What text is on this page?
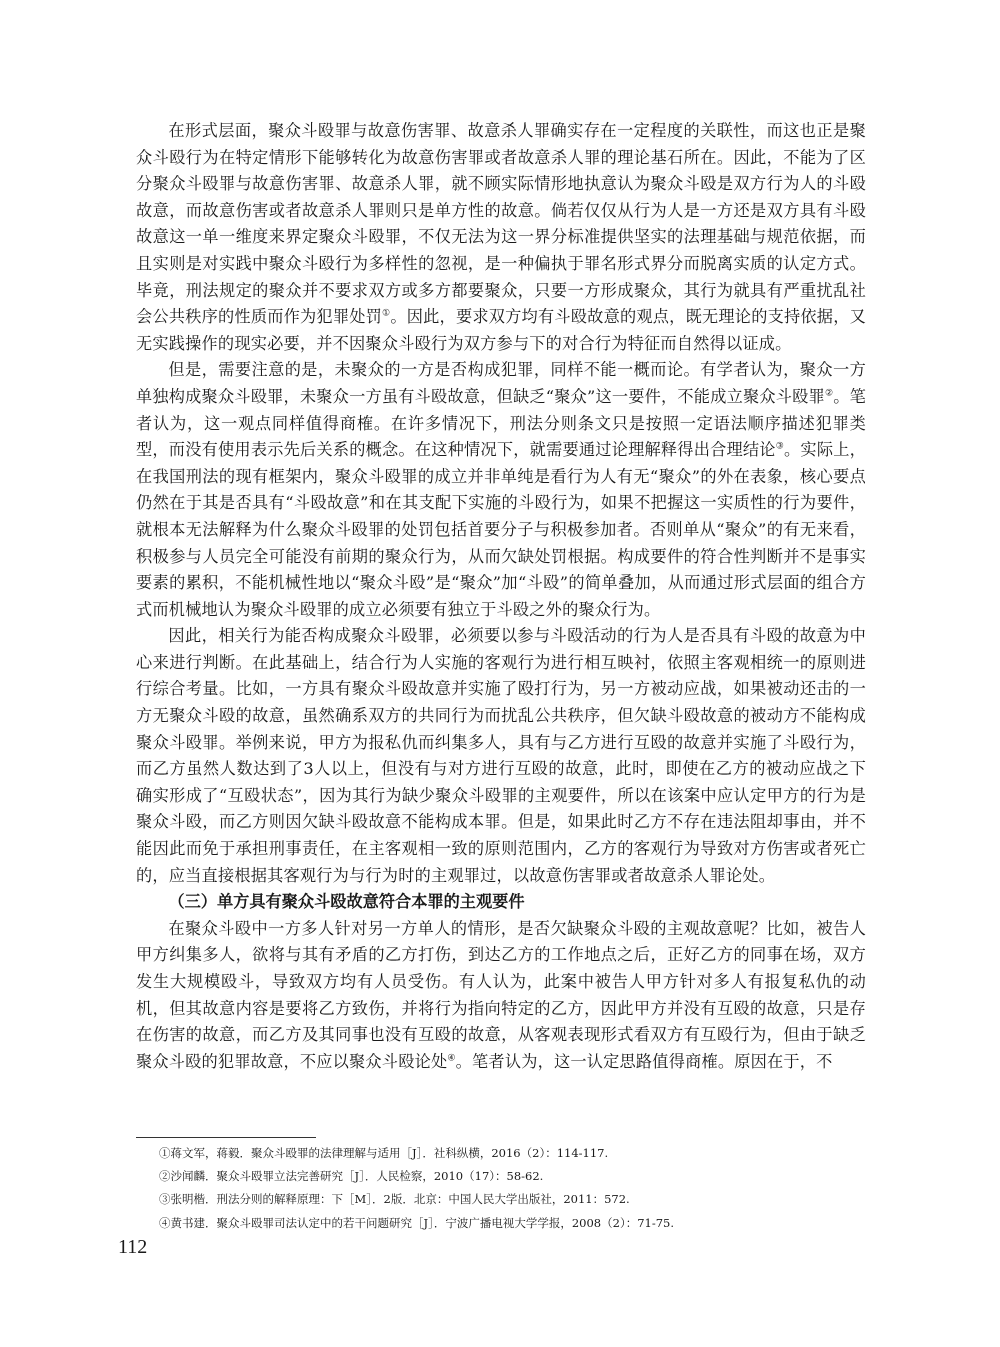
在形式层面，聚众斗殴罪与故意伤害罪、故意杀人罪确实存在一定程度的关联性，而这也正是聚众斗殴行为在特定情形下能够转化为故意伤害罪或者故意杀人罪的理论基石所在。因此，不能为了区分聚众斗殴罪与故意伤害罪、故意杀人罪，就不顾实际情形地执意认为聚众斗殴是双方行为人的斗殴故意，而故意伤害或者故意杀人罪则只是单方性的故意。倘若仅仅从行为人是一方还是双方具有斗殴故意这一单一维度来界定聚众斗殴罪，不仅无法为这一界分标准提供坚实的法理基础与规范依据，而且实则是对实践中聚众斗殴行为多样性的忽视，是一种偏执于罪名形式界分而脱离实质的认定方式。毕竟，刑法规定的聚众并不要求双方或多方都要聚众，只要一方形成聚众，其行为就具有严重扰乱社会公共秩序的性质而作为犯罪处罚①。因此，要求双方均有斗殴故意的观点，既无理论的支持依据，又无实践操作的现实必要，并不因聚众斗殴行为双方参与下的对合行为特征而自然得以证成。

但是，需要注意的是，未聚众的一方是否构成犯罪，同样不能一概而论。有学者认为，聚众一方单独构成聚众斗殴罪，未聚众一方虽有斗殴故意，但缺乏“聚众”这一要件，不能成立聚众斗殴罪②。笔者认为，这一观点同样值得商榷。在许多情况下，刑法分则条文只是按照一定语法顺序描述犯罪类型，而没有使用表示先后关系的概念。在这种情况下，就需要通过论理解释得出合理结论③。实际上，在我国刑法的现有框架内，聚众斗殴罪的成立并非单纯是看行为人有无“聚众”的外在表象，核心要点仍然在于其是否具有“斗殴故意”和在其支配下实施的斗殴行为，如果不把握这一实质性的行为要件，就根本无法解释为什么聚众斗殴罪的处罚包括首要分子与积极参加者。否则单从“聚众”的有无来看，积极参与人员完全可能没有前期的聚众行为，从而欠缺处罚根据。构成要件的符合性判断并不是事实要素的累积，不能机械性地以“聚众斗殴”是“聚众”加“斗殴”的简单叠加，从而通过形式层面的组合方式而机械地认为聚众斗殴罪的成立必须要有独立于斗殴之外的聚众行为。

因此，相关行为能否构成聚众斗殴罪，必须要以参与斗殴活动的行为人是否具有斗殴的故意为中心来进行判断。在此基础上，结合行为人实施的客观行为进行相互映衬，依照主客观相统一的原则进行综合考量。比如，一方具有聚众斗殴故意并实施了殴打行为，另一方被动应战，如果被动还击的一方无聚众斗殴的故意，虽然确系双方的共同行为而扰乱公共秩序，但欠缺斗殴故意的被动方不能构成聚众斗殴罪。举例来说，甲方为报私仇而纠集多人，具有与乙方进行互殴的故意并实施了斗殴行为，而乙方虽然人数达到了3人以上，但没有与对方进行互殴的故意，此时，即使在乙方的被动应战之下确实形成了“互殴状态”，因为其行为缺少聚众斗殴罪的主观要件，所以在该案中应认定甲方的行为是聚众斗殴，而乙方则因欠缺斗殴故意不能构成本罪。但是，如果此时乙方不存在违法阻却事由，并不能因此而免于承担刑事责任，在主客观相一致的原则范围内，乙方的客观行为导致对方伤害或者死亡的，应当直接根据其客观行为与行为时的主观罪过，以故意伤害罪或者故意杀人罪论处。

（三）单方具有聚众斗殴故意符合本罪的主观要件

在聚众斗殴中一方多人针对另一方单人的情形，是否欠缺聚众斗殴的主观故意呢？比如，被告人甲方纠集多人，欲将与其有矛盾的乙方打伤，到达乙方的工作地点之后，正好乙方的同事在场，双方发生大规模殴斗，导致双方均有人员受伤。有人认为，此案中被告人甲方针对多人有报复私仇的动机，但其故意内容是要将乙方致伤，并将行为指向特定的乙方，因此甲方并没有互殴的故意，只是存在伤害的故意，而乙方及其同事也没有互殴的故意，从客观表现形式看双方有互殴行为，但由于缺乏聚众斗殴的犯罪故意，不应以聚众斗殴论处④。笔者认为，这一认定思路值得商榷。原因在于，不

①蒋文军，蒋毅．聚众斗殴罪的法律理解与适用［J］．社科纵横，2016（2）：114-117.

②沙闻麟．聚众斗殴罪立法完善研究［J］．人民检察，2010（17）：58-62.

③张明楷．刑法分则的解释原理：下［M］．2版．北京：中国人民大学出版社，2011：572.

④黄书建．聚众斗殴罪司法认定中的若干问题研究［J］．宁波广播电视大学学报，2008（2）：71-75.

112
